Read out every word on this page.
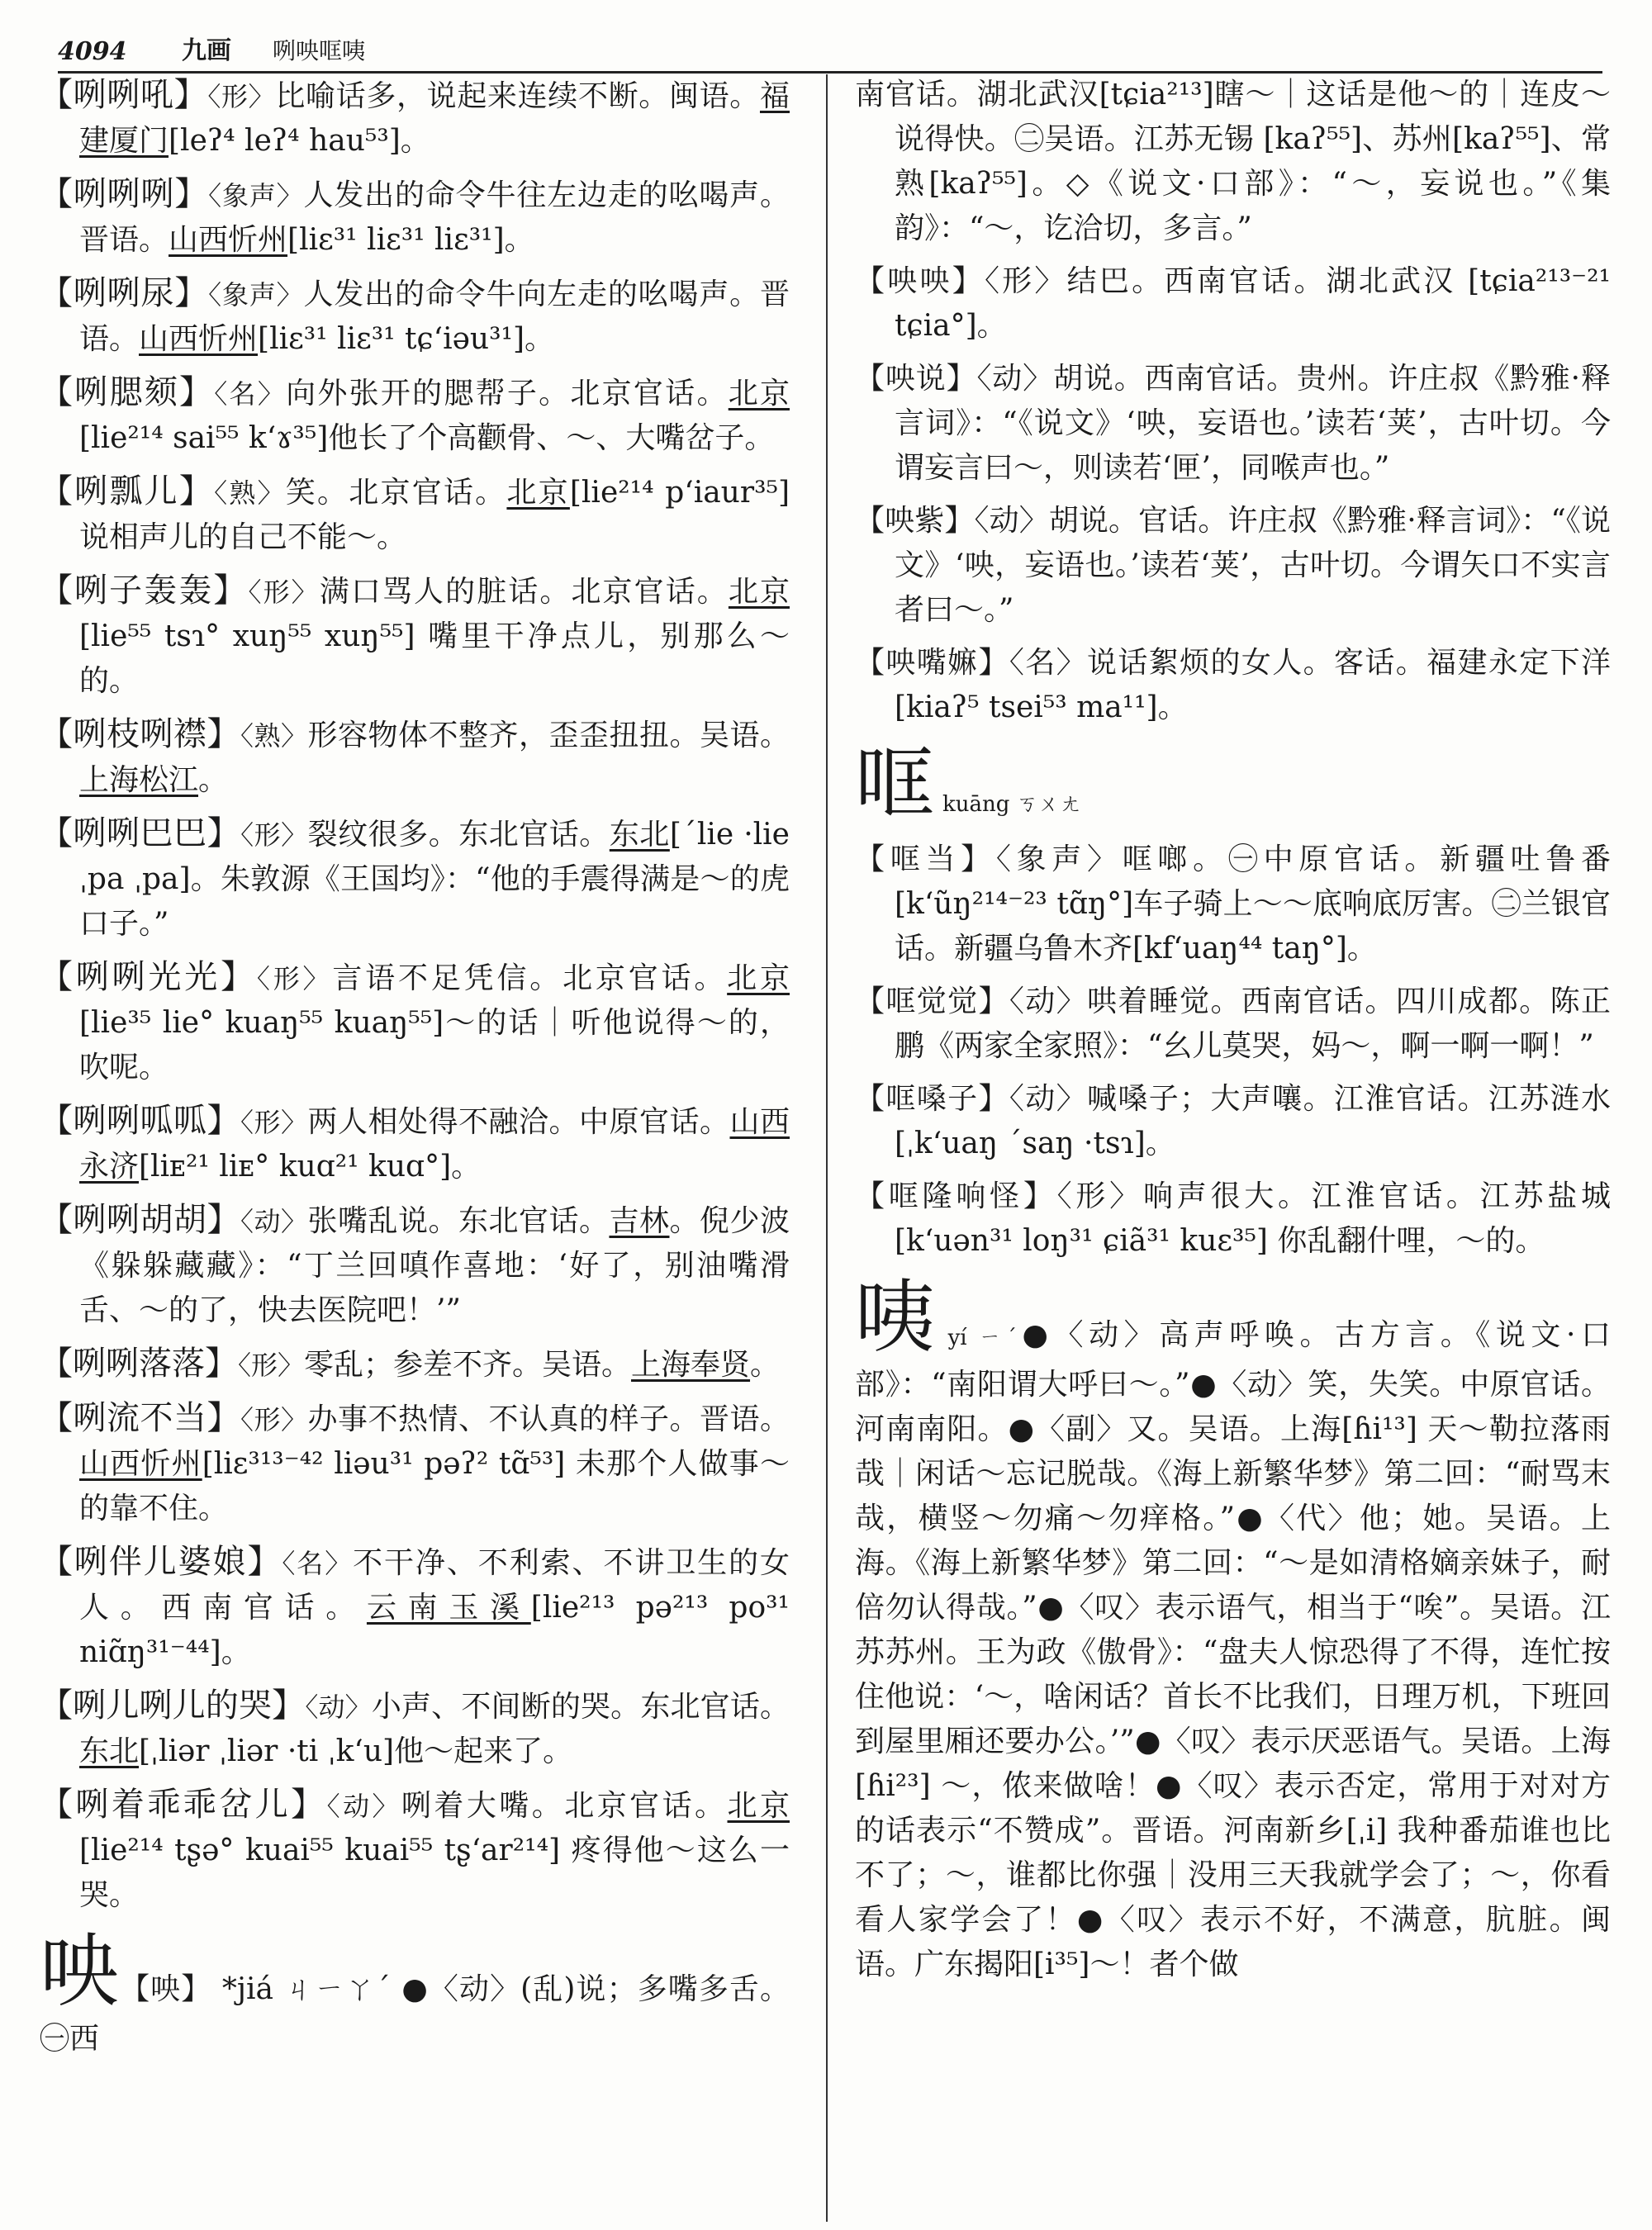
4094	九画	咧咉哐咦
【咧咧吼】〈形〉比喻话多，说起来连续不断。闽语。福建厦门[leʔ⁴ leʔ⁴ hau⁵³]。
【咧咧咧】〈象声〉人发出的命令牛往左边走的吆喝声。晋语。山西忻州[liɛ³¹ liɛ³¹ liɛ³¹]。
【咧咧尿】〈象声〉人发出的命令牛向左走的吆喝声。晋语。山西忻州[liɛ³¹ liɛ³¹ tɕʻiəu³¹]。
【咧腮颏】〈名〉向外张开的腮帮子。北京官话。北京[lie²¹⁴ sai⁵⁵ kʻɤ³⁵]他长了个高颧骨、～、大嘴岔子。
【咧瓢儿】〈熟〉笑。北京官话。北京[lie²¹⁴ pʻiaur³⁵] 说相声儿的自己不能～。
【咧子轰轰】〈形〉满口骂人的脏话。北京官话。北京[lie⁵⁵ tsɿ° xuŋ⁵⁵ xuŋ⁵⁵] 嘴里干净点儿，别那么～的。
【咧枝咧襟】〈熟〉形容物体不整齐，歪歪扭扭。吴语。上海松江。
【咧咧巴巴】〈形〉裂纹很多。东北官话。东北[ˊlie ·lie ˌpa ˌpa]。朱敦源《王国均》：“他的手震得满是～的虎口子。”
【咧咧光光】〈形〉言语不足凭信。北京官话。北京[lie³⁵ lie° kuaŋ⁵⁵ kuaŋ⁵⁵]～的话｜听他说得～的，吹呢。
【咧咧呱呱】〈形〉两人相处得不融洽。中原官话。山西永济[liᴇ²¹ liᴇ° kuɑ²¹ kuɑ°]。
【咧咧胡胡】〈动〉张嘴乱说。东北官话。吉林。倪少波《躲躲藏藏》：“丁兰回嗔作喜地：‘好了，别油嘴滑舌、～的了，快去医院吧！’”
【咧咧落落】〈形〉零乱；参差不齐。吴语。上海奉贤。
【咧流不当】〈形〉办事不热情、不认真的样子。晋语。山西忻州[liɛ³¹³⁻⁴² liəu³¹ pəʔ² tɑ̃⁵³] 未那个人做事～的靠不住。
【咧伴儿婆娘】〈名〉不干净、不利索、不讲卫生的女人。西南官话。云南玉溪[lie²¹³ pə²¹³ po³¹ niɑ̃ŋ³¹⁻⁴⁴]。
【咧儿咧儿的哭】〈动〉小声、不间断的哭。东北官话。东北[ˌliər ˌliər ·ti ˌkʻu]他～起来了。
【咧着乖乖岔儿】〈动〉咧着大嘴。北京官话。北京[lie²¹⁴ tʂə° kuai⁵⁵ kuai⁵⁵ tʂʻar²¹⁴] 疼得他～这么一哭。
咉【咉】 *jiá ㄐㄧㄚˊ ●〈动〉(乱)说；多嘴多舌。㊀西
南官话。湖北武汉[tɕia²¹³]瞎～｜这话是他～的｜连皮～说得快。㊁吴语。江苏无锡 [kaʔ⁵⁵]、苏州[kaʔ⁵⁵]、常熟[kaʔ⁵⁵]。◇《说文·口部》：“～，妄说也。”《集韵》：“～，讫洽切，多言。”
【咉咉】〈形〉结巴。西南官话。湖北武汉 [tɕia²¹³⁻²¹ tɕia°]。
【咉说】〈动〉胡说。西南官话。贵州。许庄叔《黔雅·释言词》：“《说文》‘咉，妄语也。’读若‘荚’，古叶切。今谓妄言曰～，则读若‘匣’，同喉声也。”
【咉紫】〈动〉胡说。官话。许庄叔《黔雅·释言词》：“《说文》‘咉，妄语也。’读若‘荚’，古叶切。今谓矢口不实言者曰～。”
【咉嘴嫲】〈名〉说话絮烦的女人。客话。福建永定下洋[kiaʔ⁵ tsei⁵³ ma¹¹]。
哐kuāng ㄎㄨㄤ
【哐当】〈象声〉哐啷。㊀中原官话。新疆吐鲁番[kʻũŋ²¹⁴⁻²³ tɑ̃ŋ°]车子骑上～～底响底厉害。㊁兰银官话。新疆乌鲁木齐[kfʻuaŋ⁴⁴ taŋ°]。
【哐觉觉】〈动〉哄着睡觉。西南官话。四川成都。陈正鹏《两家全家照》：“幺儿莫哭，妈～，啊一啊一啊！”
【哐嗓子】〈动〉喊嗓子；大声嚷。江淮官话。江苏涟水[ˌkʻuaŋ ˊsaŋ ·tsɿ]。
【哐隆响怪】〈形〉响声很大。江淮官话。江苏盐城[kʻuən³¹ loŋ³¹ ɕiã³¹ kuɛ³⁵] 你乱翻什哩，～的。
咦yí ㄧˊ●〈动〉高声呼唤。古方言。《说文·口部》：“南阳谓大呼曰～。”●〈动〉笑，失笑。中原官话。河南南阳。●〈副〉又。吴语。上海[ɦi¹³] 天～勒拉落雨哉｜闲话～忘记脱哉。《海上新繁华梦》第二回：“耐骂末哉，横竖～勿痛～勿痒格。”●〈代〉他；她。吴语。上海。《海上新繁华梦》第二回：“～是如清格嫡亲妹子，耐倍勿认得哉。”●〈叹〉表示语气，相当于“唉”。吴语。江苏苏州。王为政《傲骨》：“盘夫人惊恐得了不得，连忙按住他说：‘～，啥闲话？首长不比我们，日理万机，下班回到屋里厢还要办公。’”●〈叹〉表示厌恶语气。吴语。上海[ɦi²³] ～，侬来做啥！●〈叹〉表示否定，常用于对对方的话表示“不赞成”。晋语。河南新乡[ˌi] 我种番茄谁也比不了；～，谁都比你强｜没用三天我就学会了；～，你看看人家学会了！●〈叹〉表示不好，不满意，肮脏。闽语。广东揭阳[i³⁵]～！者个做
